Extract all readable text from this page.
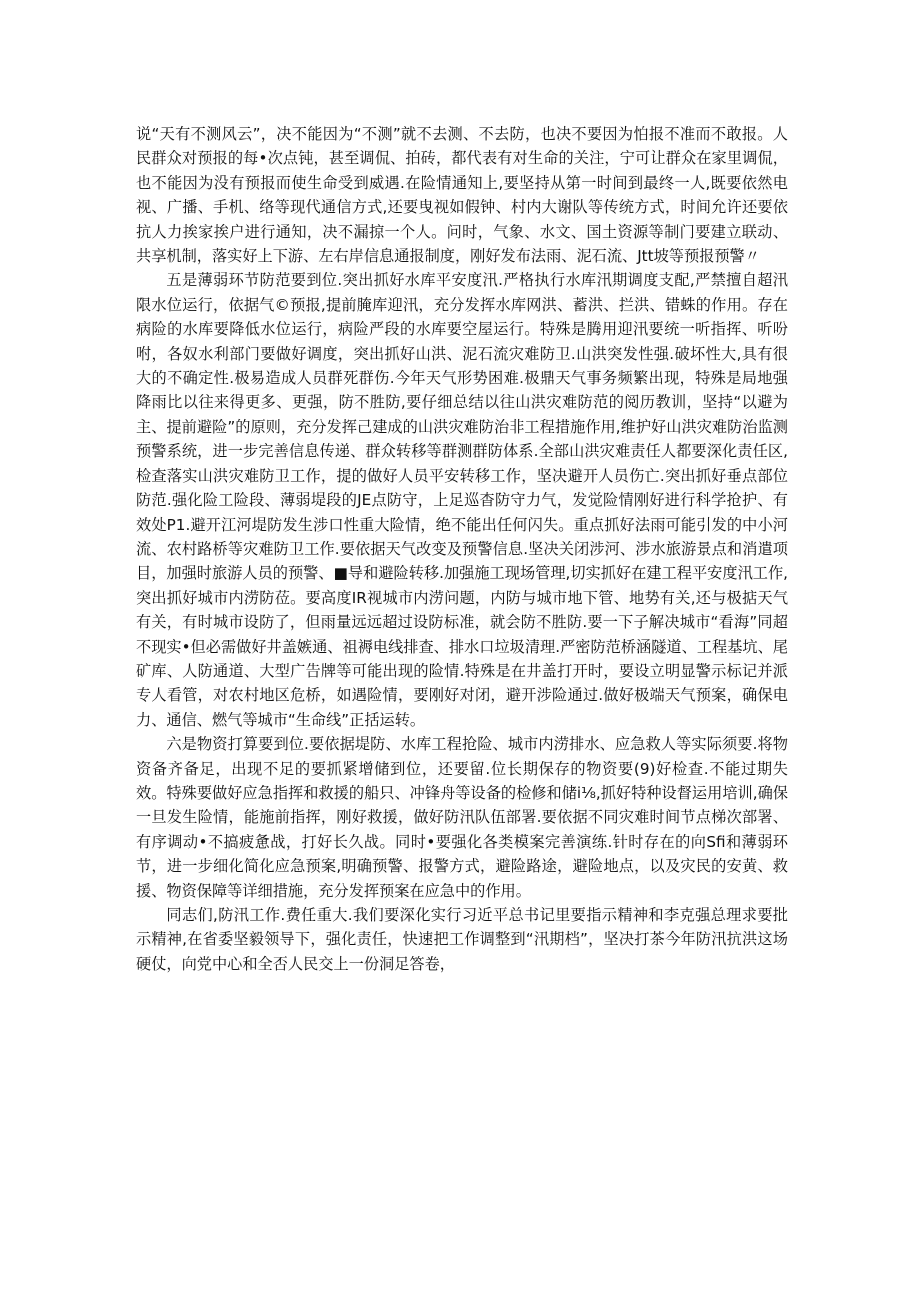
说“天有不测风云”，决不能因为“不测”就不去测、不去防，也决不要因为怕报不准而不敢报。人民群众对预报的每•次点钝，甚至调侃、拍砖，都代表有对生命的关注，宁可让群众在家里调侃，也不能因为没有预报而使生命受到威遇.在险情通知上,要坚持从第一时间到最终一人,既要依然电视、广播、手机、络等现代通信方式,还要曳视如假钟、村内大谢队等传统方式，时间允许还要依抗人力挨家挨户进行通知，决不漏掠一个人。问时，气象、水文、国土资源等制门要建立联动、共享机制，落实好上下游、左右岸信息通报制度，刚好发布法雨、泥石流、Jtt坡等预报预警〃

五是薄弱环节防范要到位.突出抓好水库平安度汛.严格执行水库汛期调度支配,严禁擅自超汛限水位运行，依据气©预报,提前腌库迎汛，充分发挥水库网洪、蓄洪、拦洪、错蛛的作用。存在病险的水库要降低水位运行，病险严段的水库要空屋运行。特殊是腾用迎汛要统一听指挥、听吩咐，各奴水利部门要做好调度，突出抓好山洪、泥石流灾难防卫.山洪突发性强.破坏性大,具有很大的不确定性.极易造成人员群死群伤.今年天气形势困难.极鼎天气事务频繁出现，特殊是局地强降雨比以往来得更多、更强，防不胜防,要仔细总结以往山洪灾难防范的阅历教训，坚持“以避为主、提前避险”的原则，充分发挥己建成的山洪灾难防治非工程措施作用,维护好山洪灾难防治监测预警系统，进一步完善信息传递、群众转移等群测群防体系.全部山洪灾难责任人都要深化责任区,检查落实山洪灾难防卫工作，提的做好人员平安转移工作，坚决避开人员伤亡.突出抓好垂点部位防范.强化险工险段、薄弱堤段的JE点防守，上足巡杳防守力气，发觉险情刚好进行科学抢护、有效处P1.避开江河堤防发生涉口性重大险情，绝不能出任何闪失。重点抓好法雨可能引发的中小河流、农村路桥等灾难防卫工作.要依据天气改变及预警信息.坚决关闭涉河、涉水旅游景点和消遣项目，加强时旅游人员的预警、■导和避险转移.加强施工现场管理,切实抓好在建工程平安度汛工作,突出抓好城市内涝防莅。要高度IR视城市内涝问题，内防与城市地下管、地势有关,还与极掂天气有关，有时城市设防了，但雨量远远超过设防标准，就会防不胜防.要一下子解决城市“看海”同超不现实•但必需做好井盖嫉通、祖褥电线排查、排水口垃圾清理.严密防范桥涵隧道、工程基坑、尾矿库、人防通道、大型广告牌等可能出现的险情.特殊是在井盖打开时，要设立明显警示标记并派专人看管，对农村地区危桥，如遇险情，要刚好对闭，避开涉险通过.做好极端天气预案，确保电力、通信、燃气等城市“生命线”正括运转。

六是物资打算要到位.要依据堤防、水库工程抢险、城市内涝排水、应急救人等实际须要.将物资备齐备足，出现不足的要抓紧增储到位，还要留.位长期保存的物资要(9)好检查.不能过期失效。特殊要做好应急指挥和救援的船只、冲锋舟等设备的检修和储i⅛,抓好特种设督运用培训,确保一旦发生险情，能施前指挥，刚好救援，做好防汛队伍部署.要依据不同灾难时间节点梯次部署、有序调动•不搞疲惫战，打好长久战。同时•要强化各类模案完善演练.针时存在的向Sfi和薄弱环节，进一步细化简化应急预案,明确预警、报警方式，避险路途，避险地点，以及灾民的安黄、救援、物资保障等详细措施，充分发挥预案在应急中的作用。

同志们,防汛工作.费任重大.我们要深化实行习近平总书记里要指示精神和李克强总理求要批示精神,在省委坚毅领导下，强化责任，快速把工作调整到“汛期档”，坚决打茶今年防汛抗洪这场硬仗，向党中心和全否人民交上一份洞足答卷，
